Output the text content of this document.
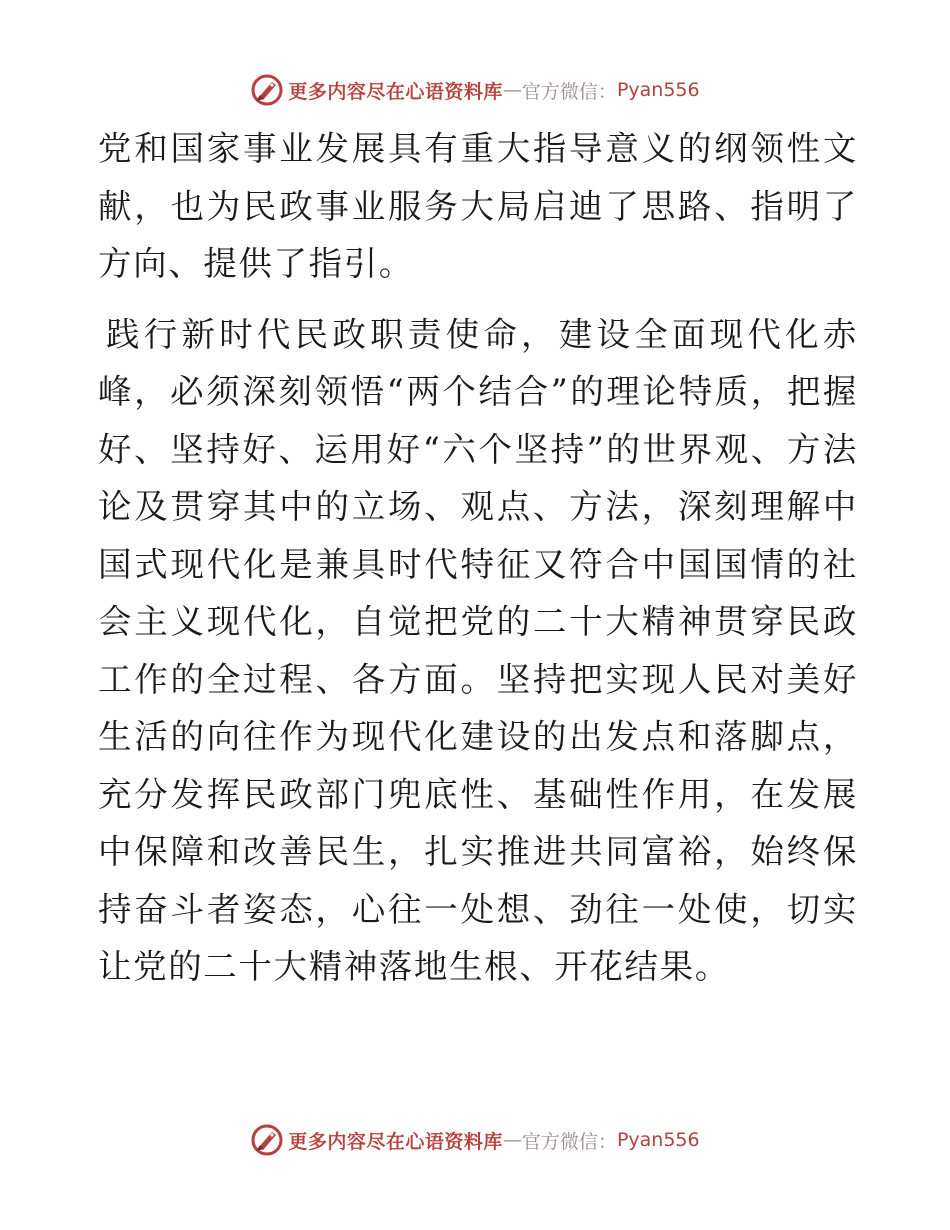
更多内容尽在心语资料库 — 官方微信： Pyan556

党和国家事业发展具有重大指导意义的纲领性文献，也为民政事业服务大局启迪了思路、指明了方向、提供了指引。

践行新时代民政职责使命，建设全面现代化赤峰，必须深刻领悟“两个结合”的理论特质，把握好、坚持好、运用好“六个坚持”的世界观、方法论及贯穿其中的立场、观点、方法，深刻理解中国式现代化是兼具时代特征又符合中国国情的社会主义现代化，自觉把党的二十大精神贯穿民政工作的全过程、各方面。坚持把实现人民对美好生活的向往作为现代化建设的出发点和落脚点，充分发挥民政部门兜底性、基础性作用，在发展中保障和改善民生，扎实推进共同富裕，始终保持奋斗者姿态，心往一处想、劲往一处使，切实让党的二十大精神落地生根、开花结果。

更多内容尽在心语资料库 — 官方微信： Pyan556
